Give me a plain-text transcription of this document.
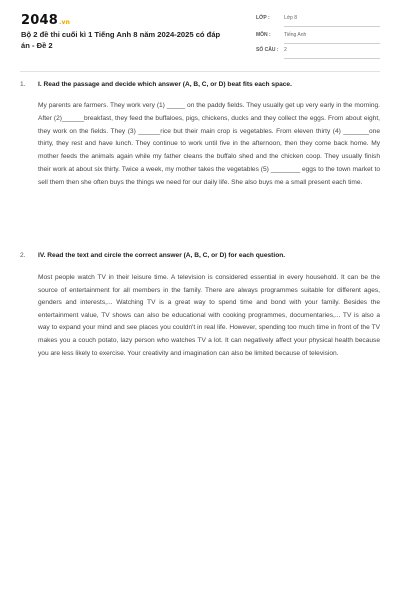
2048.vn
Bộ 2 đề thi cuối kì 1 Tiếng Anh 8 năm 2024-2025 có đáp án - Đề 2
LỚP :	Lớp 8
MÔN :	Tiếng Anh
SỐ CÂU : 2
1. I. Read the passage and decide which answer (A, B, C, or D) beat fits each space.
My parents are farmers. They work very (1) _____ on the paddy fields. They usually get up very early in the morning. After (2)______breakfast, they feed the buffaloes, pigs, chickens, ducks and they collect the eggs. From about eight, they work on the fields. They (3) ______rice but their main crop is vegetables. From eleven thirty (4) _______one thirty, they rest and have lunch. They continue to work until five in the afternoon, then they come back home. My mother feeds the animals again while my father cleans the buffalo shed and the chicken coop. They usually finish their work at about six thirty. Twice a week, my mother takes the vegetables (5) ________ eggs to the town market to sell them then she often buys the things we need for our daily life. She also buys me a small present each time.
2. IV. Read the text and circle the correct answer (A, B, C, or D) for each question.
Most people watch TV in their leisure time. A television is considered essential in every household. It can be the source of entertainment for all members in the family. There are always programmes suitable for different ages, genders and interests,... Watching TV is a great way to spend time and bond with your family. Besides the entertainment value, TV shows can also be educational with cooking programmes, documentaries,... TV is also a way to expand your mind and see places you couldn't in real life. However, spending too much time in front of the TV makes you a couch potato, lazy person who watches TV a lot. It can negatively affect your physical health because you are less likely to exercise. Your creativity and imagination can also be limited because of television.
